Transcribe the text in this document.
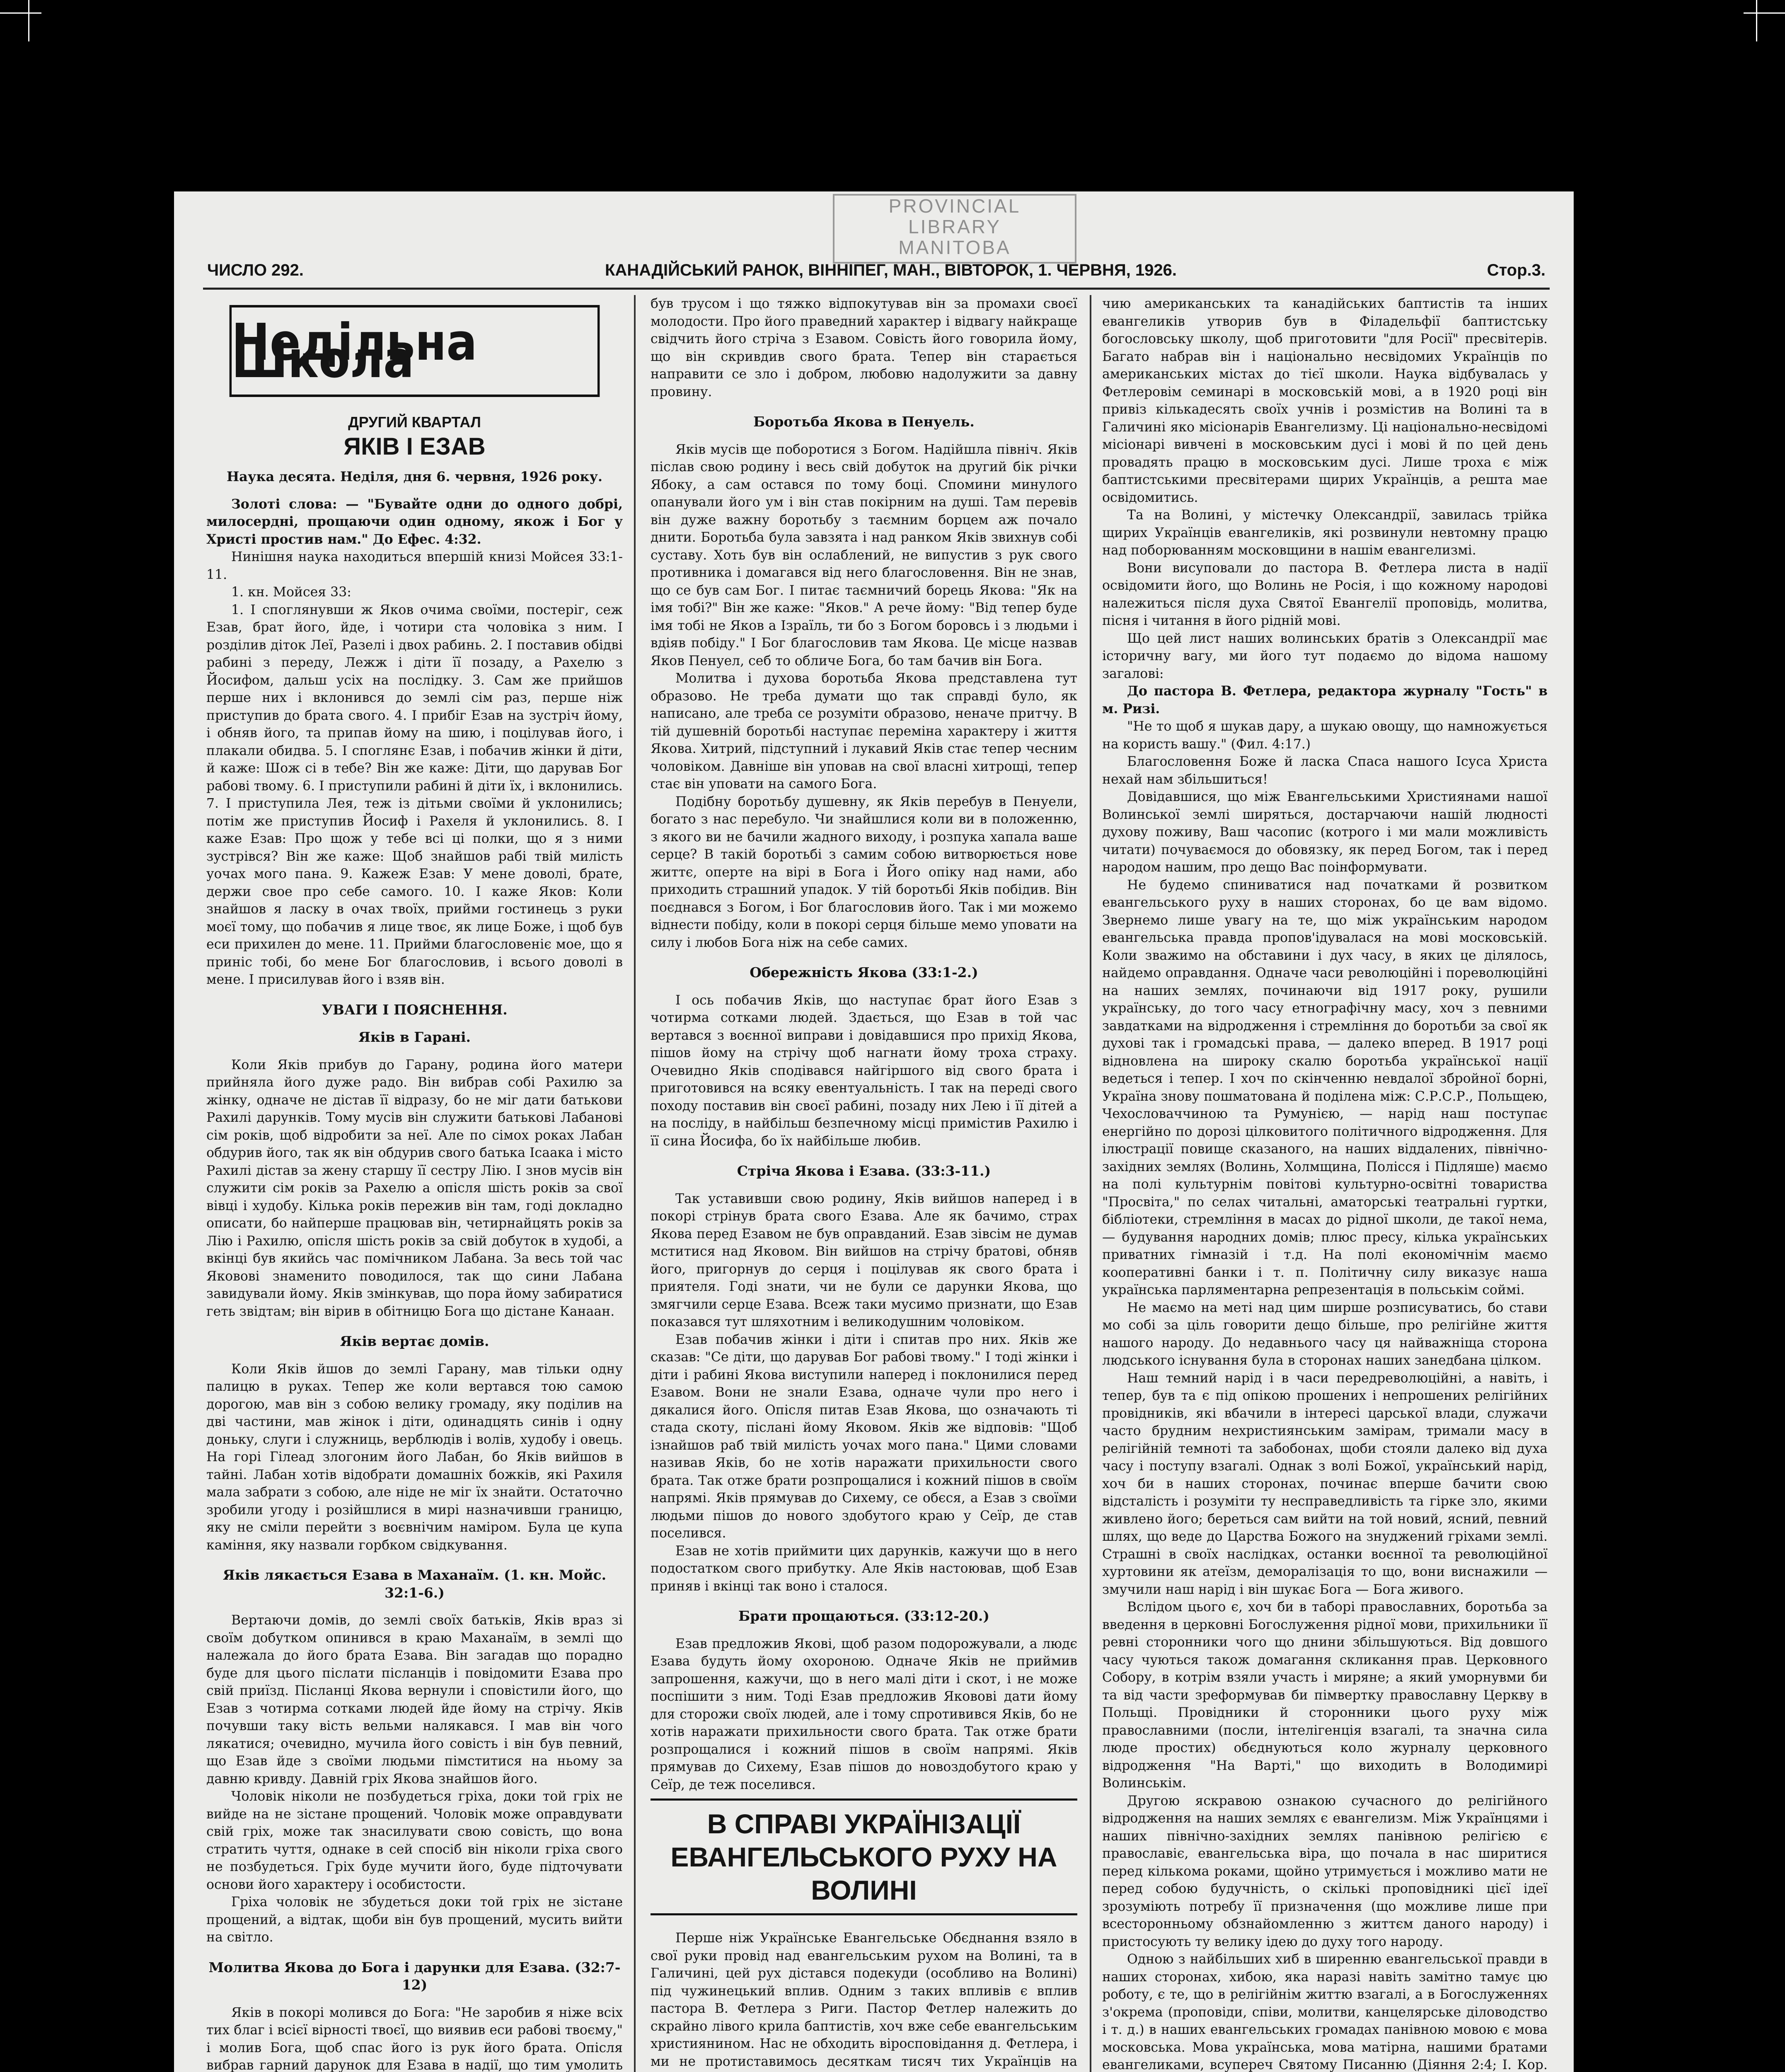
PROVINCIAL
LIBRARY
MANITOBA
ЧИСЛО 292.	КАНАДІЙСЬКИЙ РАНОК, ВІННІПЕГ, МАН., ВІВТОРОК, 1. ЧЕРВНЯ, 1926.	Стор.3.
Недільна Школа
ДРУГИЙ КВАРТАЛ
ЯКІВ І ЕЗАВ
Наука десята. Неділя, дня 6. червня, 1926 року.

Золоті слова: — "Бувайте одни до одного добрі, милосердні, прощаючи один одному, якож і Бог у Христі простив нам." До Ефес. 4:32.

Нинішня наука находиться впершій книзі Мойсея 33:1-11.

1. кн. Мойсея 33:

1. І споглянувши ж Яков очима своїми, постеріг, сеж Езав, брат його, йде, і чотири ста чоловіка з ним. І розділив діток Леї, Разелі і двох рабинь. 2. І поставив обідві рабині з переду, Лежж і діти її позаду, а Рахелю з Йосифом, дальш усіх на послідку. 3. Сам же прийшов перше них і вклонився до землі сім раз, перше ніж приступив до брата свого. 4. І прибіг Езав на зустріч йому, і обняв його, та припав йому на шию, і поцілував його, і плакали обидва. 5. І споглянє Езав, і побачив жінки й діти, й каже: Шож сі в тебе? Він же каже: Діти, що дарував Бог рабові твому. 6. І приступили рабині й діти їх, і вклонились. 7. І приступила Лея, теж із дітьми своїми й уклонились; потім же приступив Йосиф і Рахеля й уклонились. 8. І каже Езав: Про щож у тебе всі ці полки, що я з ними зустрівся? Він же каже: Щоб знайшов рабі твій милість уочах мого пана. 9. Кажеж Езав: У мене доволі, брате, держи свое про себе самого. 10. І каже Яков: Коли знайшов я ласку в очах твоїх, прийми гостинець з руки моєї тому, що побачив я лице твоє, як лице Боже, і щоб був еси прихилен до мене. 11. Прийми благословеніє мое, що я приніс тобі, бо мене Бог благословив, і всього доволі в мене. І присилував його і взяв він.

УВАГИ І ПОЯСНЕННЯ.
Яків в Гарані.

Коли Яків прибув до Гарану, родина його матери прийняла його дуже радо. Він вибрав собі Рахилю за жінку, одначе не дістав її відразу, бо не міг дати батькови Рахилі дарунків. Тому мусів він служити батькові Лабанові сім років, щоб відробити за неї. Але по сімох роках Лабан обдурив його, так як він обдурив свого батька Ісаака і місто Рахилі дістав за жену старшу її сестру Лію. І знов мусів він служити сім років за Рахелю а опісля шість років за свої вівці і худобу. Кілька років пережив він там, годі докладно описати, бо найперше працював він, четирнайцять років за Лію і Рахилю, опісля шість років за свій добуток в худобі, а вкінці був якийсь час помічником Лабана. За весь той час Яковові знаменито поводилося, так що сини Лабана завидували йому. Яків змінкував, що пора йому забиратися геть звідтам; він вірив в обітницю Бога що дістане Канаан.

Яків вертає домів.

Коли Яків йшов до землі Гарану, мав тільки одну палицю в руках. Тепер же коли вертався тою самою дорогою, мав він з собою велику громаду, яку поділив на дві частини, мав жінок і діти, одинадцять синів і одну доньку, слуги і служниць, верблюдів і волів, худобу і овець. На горі Гілеад злогоним його Лабан, бо Яків вийшов в тайні. Лабан хотів відобрати домашніх божків, які Рахиля мала забрати з собою, але ніде не міг їх знайти. Остаточно зробили угоду і розійшлися в мирі назначивши границю, яку не сміли перейти з воєвнічим наміром. Була це купа каміння, яку назвали горбком свідкування.

Яків лякається Езава в Маханаїм. (1. кн. Мойс. 32:1-6.)

Вертаючи домів, до землі своїх батьків, Яків враз зі своїм добутком опинився в краю Маханаїм, в землі що належала до його брата Езава. Він загадав що порадно буде для цього післати післанців і повідомити Езава про свій приїзд. Післанці Якова вернули і сповістили його, що Езав з чотирма сотками людей йде йому на стрічу. Яків почувши таку вість вельми налякався. І мав він чого лякатися; очевидно, мучила його совість і він був певний, що Езав йде з своїми людьми пімститися на ньому за давню кривду. Давній гріх Якова знайшов його.

Чоловік ніколи не позбудеться гріха, доки той гріх не вийде на не зістане прощений. Чоловік може оправдувати свій гріх, може так знасилувати свою совість, що вона стратить чуття, однаке в сей спосіб він ніколи гріха свого не позбудеться. Гріх буде мучити його, буде підточувати основи його характеру і особистости.

Гріха чоловік не збудеться доки той гріх не зістане прощений, а відтак, щоби він був прощений, мусить вийти на світло.

Молитва Якова до Бога і дарунки для Езава. (32:7-12)

Яків в покорі молився до Бога: "Не заробив я ніже всіх тих благ і всієї вірності твоєї, що виявив еси рабові твоєму," і молив Бога, щоб спас його із рук його брата. Опісля вибрав гарний дарунок для Езава в надії, що тим умолить

був трусом і що тяжко відпокутував він за промахи своєї молодости. Про його праведний характер і відвагу найкраще свідчить його стріча з Езавом. Совість його говорила йому, що він скривдив свого брата. Тепер він старається направити се зло і добром, любовю надолужити за давну провину.

Боротьба Якова в Пенуель.

Яків мусів ще поборотися з Богом. Надійшла північ. Яків післав свою родину і весь свій добуток на другий бік річки Ябоку, а сам остався по тому боці. Спомини минулого опанували його ум і він став покірним на душі. Там перевів він дуже важну боротьбу з таємним борцем аж почало днити. Боротьба була завзята і над ранком Яків звихнув собі суставу. Хоть був він ослаблений, не випустив з рук свого противника і домагався від него благословення. Він не знав, що се був сам Бог. І питає таємничий борець Якова: "Як на імя тобі?" Він же каже: "Яков." А рече йому: "Від тепер буде імя тобі не Яков а Ізраїль, ти бо з Богом боровсь і з людьми і вдіяв побіду." І Бог благословив там Якова. Це місце назвав Яков Пенуел, себ то обличе Бога, бо там бачив він Бога.

Молитва і духова боротьба Якова представлена тут образово. Не треба думати що так справді було, як написано, але треба се розуміти образово, неначе притчу. В тій душевній боротьбі наступає переміна характеру і життя Якова. Хитрий, підступний і лукавий Яків стає тепер чесним чоловіком. Давніше він уповав на свої власні хитрощі, тепер стає він уповати на самого Бога.

Подібну боротьбу душевну, як Яків перебув в Пенуели, богато з нас перебуло. Чи знайшлися коли ви в положенню, з якого ви не бачили жадного виходу, і розпука хапала ваше серце? В такій боротьбі з самим собою витворюється нове життє, оперте на вірі в Бога і Його опіку над нами, або приходить страшний упадок. У тій боротьбі Яків побідив. Він поєднався з Богом, і Бог благословив його. Так і ми можемо віднести побіду, коли в покорі серця більше мемо уповати на силу і любов Бога ніж на себе самих.

Обережність Якова (33:1-2.)

І ось побачив Яків, що наступає брат його Езав з чотирма сотками людей. Здається, що Езав в той час вертався з воєнної виправи і довідавшися про прихід Якова, пішов йому на стрічу щоб нагнати йому троха страху. Очевидно Яків сподівався найгіршого від свого брата і приготовився на всяку евентуальність. І так на переді свого походу поставив він своєї рабині, позаду них Лею і її дітей а на посліду, в найбільш безпечному місці примістив Рахилю і її сина Йосифа, бо їх найбільше любив.

Стріча Якова і Езава. (33:3-11.)

Так уставивши свою родину, Яків вийшов наперед і в покорі стрінув брата свого Езава. Але як бачимо, страх Якова перед Езавом не був оправданий. Езав зівсім не думав мститися над Яковом. Він вийшов на стрічу братові, обняв його, пригорнув до серця і поцілував як свого брата і приятеля. Годі знати, чи не були се дарунки Якова, що змягчили серце Езава. Всеж таки мусимо признати, що Езав показався тут шляхотним і великодушним чоловіком.

Езав побачив жінки і діти і спитав про них. Яків же сказав: "Се діти, що дарував Бог рабові твому." І тоді жінки і діти і рабині Якова виступили наперед і поклонилися перед Езавом. Вони не знали Езава, одначе чули про него і дякалися його. Опісля питав Езав Якова, що означають ті стада скоту, післані йому Яковом. Яків же відповів: "Щоб ізнайшов раб твій милість уочах мого пана." Цими словами називав Яків, бо не хотів наражати прихильности свого брата. Так отже брати розпрощалися і кожний пішов в своїм напрямі. Яків прямував до Сихему, се обєся, а Езав з своїми людьми пішов до нового здобутого краю у Сеїр, де став поселився.

Езав не хотів приймити цих дарунків, кажучи що в него подостатком свого прибутку. Але Яків настоював, щоб Езав приняв і вкінці так воно і сталося.

Брати прощаються. (33:12-20.)

Езав предложив Якові, щоб разом подорожували, а людє Езава будуть йому охороною. Одначе Яків не приймив запрошення, кажучи, що в него малі діти і скот, і не може поспішити з ним. Тоді Езав предложив Яковові дати йому для сторожи своїх людей, але і тому спротивився Яків, бо не хотів наражати прихильности свого брата. Так отже брати розпрощалися і кожний пішов в своїм напрямі. Яків прямував до Сихему, Езав пішов до новоздобутого краю у Сеїр, де теж поселився.

В СПРАВІ УКРАЇНІЗАЦІЇ ЕВАНГЕЛЬСЬКОГО РУХУ НА ВОЛИНІ

Перше ніж Українське Евангельське Обєднання взяло в свої руки провід над евангельським рухом на Волині, та в Галичині, цей рух дістався подекуди (особливо на Волині) під чужинецький вплив. Одним з таких впливів є вплив пастора В. Фетлера з Риги. Пастор Фетлер належить до скрайно лівого крила баптистів, хоч вже себе евангельським християнином. Нас не обходить віросповідання д. Фетлера, і ми не протиставимось десяткам тисяч тих Українців на

чию американських та канадійських баптистів та інших евангеликів утворив був в Філадельфії баптистську богословську школу, щоб приготовити "для Росії" пресвітерів. Багато набрав він і національно несвідомих Українців по американських містах до тієї школи. Наука відбувалась у Фетлеровім семинарі в московській мові, а в 1920 році він привіз кількадесять своїх учнів і розмістив на Волині та в Галичині яко місіонарів Евангелизму. Ці національно-несвідомі місіонарі вивчені в московським дусі і мові й по цей день провадять працю в московським дусі. Лише троха є між баптистськими пресвітерами щирих Українців, а решта мае освідомитись.

Та на Волині, у містечку Олександрії, завилась трійка щирих Українців евангеликів, які розвинули невтомну працю над поборюванням московщини в нашім евангелизмі.

Вони висуповали до пастора В. Фетлера листа в надії освідомити його, що Волинь не Росія, і що кожному народові належиться після духа Святої Евангелії проповідь, молитва, пісня і читання в його рідній мові.

Що цей лист наших волинських братів з Олександрії має історичну вагу, ми його тут подаємо до відома нашому загалові:

До пастора В. Фетлера, редактора журналу "Гость" в м. Ризі.

"Не то щоб я шукав дару, а шукаю овощу, що намножується на користь вашу." (Фил. 4:17.)

Благословення Боже й ласка Спаса нашого Ісуса Христа нехай нам збільшиться!

Довідавшися, що між Евангельськими Християнами нашої Волинської землі ширяться, достарчаючи нашій людності духову поживу, Ваш часопис (котрого і ми мали можливість читати) почуваємося до обовязку, як перед Богом, так і перед народом нашим, про дещо Вас поінформувати.

Не будемо спиниватися над початками й розвитком евангельського руху в наших сторонах, бо це вам відомо. Звернемо лише увагу на те, що між українським народом евангельська правда пропов'ідувалася на мові московській. Коли зважимо на обставини і дух часу, в яких це ділялось, найдемо оправдання. Одначе часи революційні і пореволюційні на наших землях, починаючи від 1917 року, рушили українську, до того часу етнографічну масу, хоч з певними завдатками на відродження і стремління до боротьби за свої як духові так і громадські права, — далеко вперед. В 1917 році відновлена на широку скалю боротьба української нації ведеться і тепер. І хоч по скінченню невдалої збройної борні, Україна знову пошматована й поділена між: С.Р.С.Р., Польщею, Чехословаччиною та Румунією, — нарід наш поступає енергійно по дорозі цілковитого політичного відродження. Для ілюстрації повище сказаного, на наших віддалених, північно-західних землях (Волинь, Холмщина, Полісся і Підляше) маємо на полі культурнім повітові культурно-освітні товариства "Просвіта," по селах читальні, аматорські театральні гуртки, бібліотеки, стремління в масах до рідної школи, де такої нема, — будування народних домів; плюс пресу, кілька українських приватних гімназій і т.д. На полі економічнім маємо кооперативні банки і т. п. Політичну силу виказує наша українська парляментарна репрезентація в польськім соймі.

Не маємо на меті над цим ширше розписуватись, бо стави мо собі за ціль говорити дещо більше, про релігійне життя нашого народу. До недавнього часу ця найважніща сторона людського існування була в сторонах наших занедбана цілком.

Наш темний нарід і в часи передреволюційні, а навіть, і тепер, був та є під опікою прошених і непрошених релігійних провідників, які вбачили в інтересі царської влади, служачи часто брудним нехристиянським замірам, тримали масу в релігійній темноті та забобонах, щоби стояли далеко від духа часу і поступу взагалі. Однак з волі Божої, український нарід, хоч би в наших сторонах, починає вперше бачити свою відсталість і розуміти ту несправедливість та гірке зло, якими живлено його; береться сам вийти на той новий, ясний, певний шлях, що веде до Царства Божого на знуджений гріхами землі. Страшні в своїх наслідках, останки воєнної та революційної хуртовини як атеїзм, деморалізація то що, вони виснажили — змучили наш нарід і він шукає Бога — Бога живого.

Вслідом цього є, хоч би в таборі православних, боротьба за введення в церковні Богослуження рідної мови, прихильники її ревні сторонники чого що днини збільшуються. Від довшого часу чуються також домагання скликання прав. Церковного Собору, в котрім взяли участь і миряне; а який уморнувми би та від части зреформував би пімвертку православну Церкву в Польщі. Провідники й сторонники цього руху між православними (посли, інтелігенція взагалі, та значна сила люде простих) обєднуються коло журналу церковного відродження "На Варті," що виходить в Володимирі Волинськім.

Другою яскравою ознакою сучасного до релігійного відродження на наших землях є евангелизм. Між Українцями і наших північно-західних землях панівною релігією є православіє, евангельська віра, що почала в нас ширитися перед кількома роками, щойно утримується і можливо мати не перед собою будучність, о скількі проповідникі цієї ідеї зрозуміють потребу її призначення (що можливе лише при всесторонньому обзнайомленню з життєм даного народу) і пристосують ту велику ідею до духу того народу.

Одною з найбільших хиб в ширенню евангельської правди в наших сторонах, хибою, яка наразі навіть замітно тамує цю роботу, є те, що в релігійнім життю взагалі, а в Богослуженнях з'окрема (проповіди, співи, молитви, канцелярське діловодство і т. д.) в наших евангельських громадах панівною мовою є мова московська. Мова українська, мова матірна, нашими братами евангеликами, всупереч Святому Писанню (Діяння 2:4; І. Кор.
